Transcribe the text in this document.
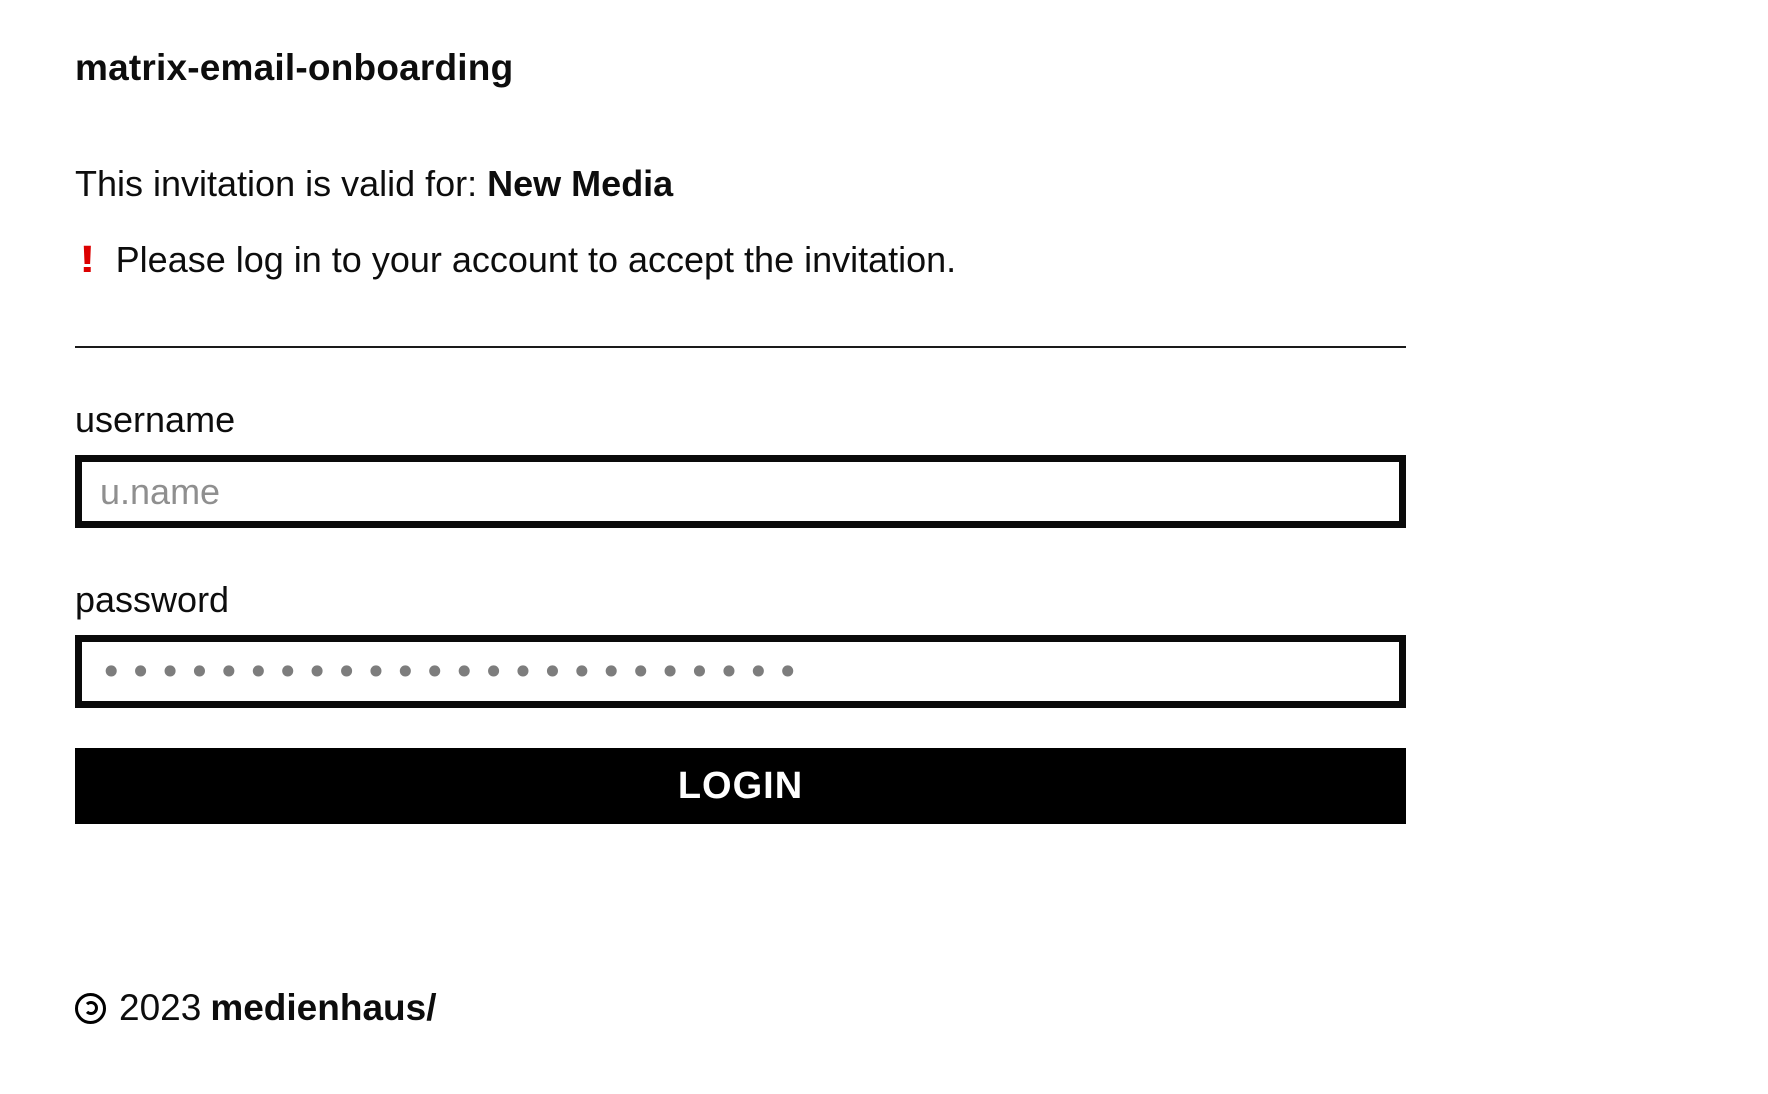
matrix-email-onboarding

This invitation is valid for: New Media

! Please log in to your account to accept the invitation.

username
u.name
password
••••••••••••••••••••••••
LOGIN
2023 medienhaus/
